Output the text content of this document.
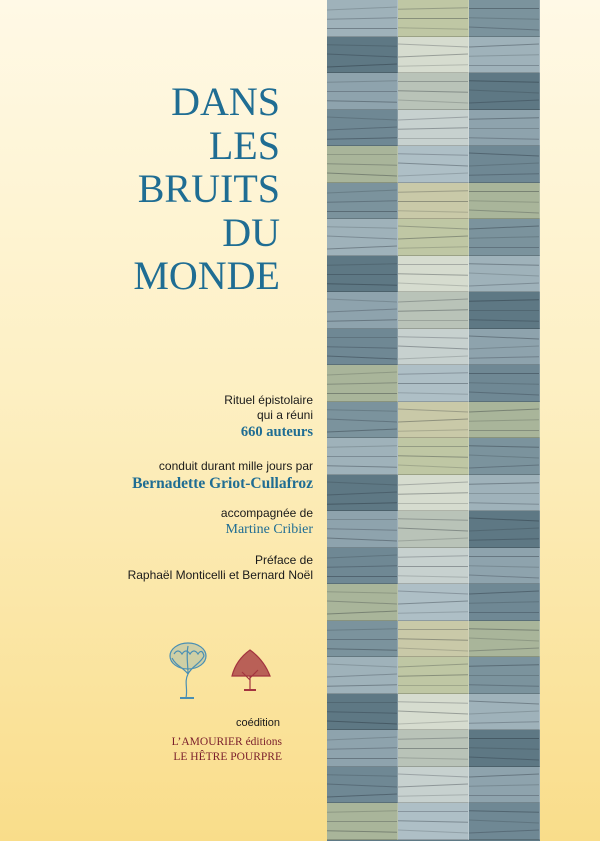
DANS
LES
BRUITS
DU
MONDE
Rituel épistolaire
qui a réuni
660 auteurs
conduit durant mille jours par
Bernadette Griot-Cullafroz
accompagnée de
Martine Cribier
Préface de
Raphaël Monticelli et Bernard Noël
coédition
L’AMOURIER éditions
LE HÊTRE POURPRE
